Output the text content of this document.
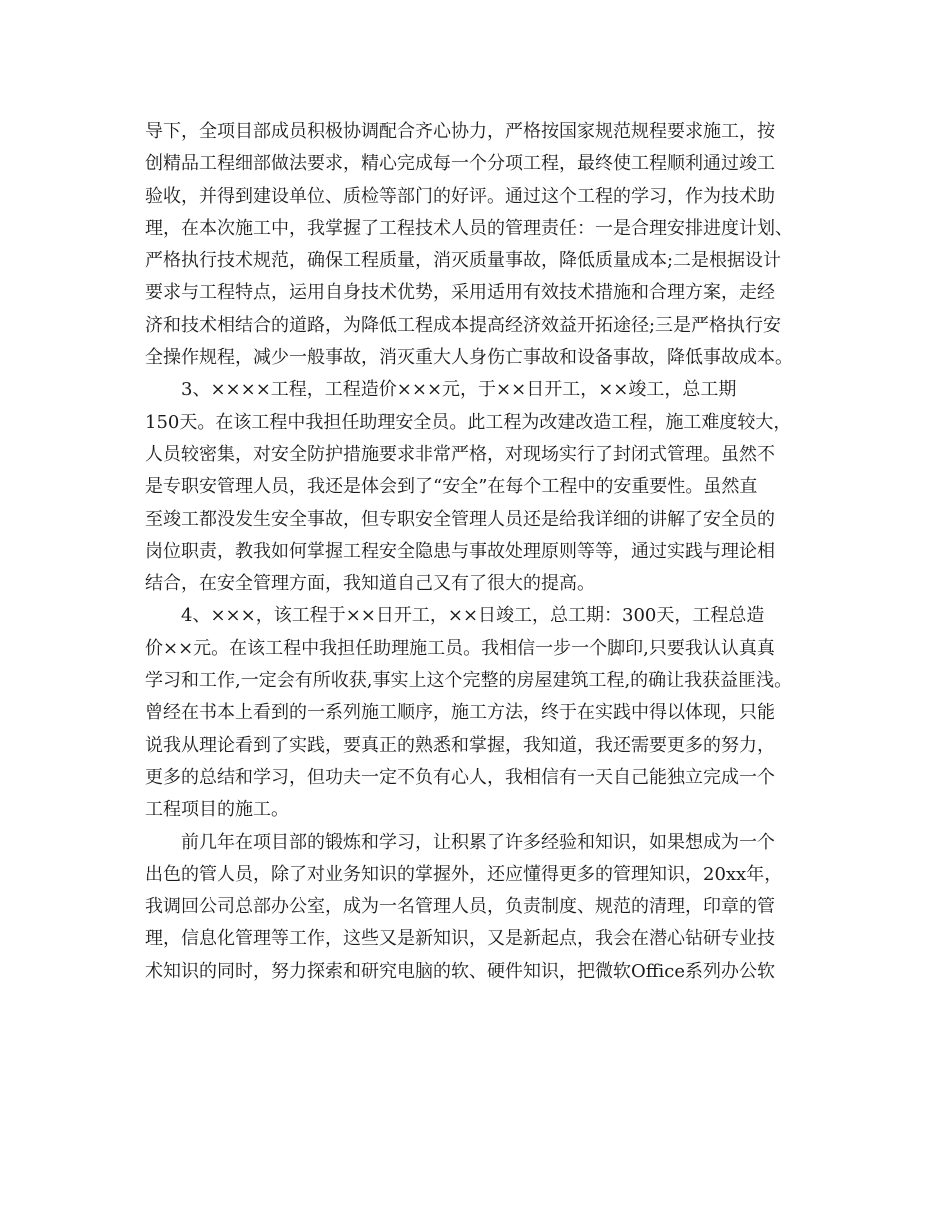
导下，全项目部成员积极协调配合齐心协力，严格按国家规范规程要求施工，按
创精品工程细部做法要求，精心完成每一个分项工程，最终使工程顺利通过竣工
验收，并得到建设单位、质检等部门的好评。通过这个工程的学习，作为技术助
理，在本次施工中，我掌握了工程技术人员的管理责任：一是合理安排进度计划、
严格执行技术规范，确保工程质量，消灭质量事故，降低质量成本;二是根据设计
要求与工程特点，运用自身技术优势，采用适用有效技术措施和合理方案，走经
济和技术相结合的道路，为降低工程成本提高经济效益开拓途径;三是严格执行安
全操作规程，减少一般事故，消灭重大人身伤亡事故和设备事故，降低事故成本。
3、××××工程，工程造价×××元，于××日开工，××竣工，总工期
150天。在该工程中我担任助理安全员。此工程为改建改造工程，施工难度较大，
人员较密集，对安全防护措施要求非常严格，对现场实行了封闭式管理。虽然不
是专职安管理人员，我还是体会到了“安全”在每个工程中的安重要性。虽然直
至竣工都没发生安全事故，但专职安全管理人员还是给我详细的讲解了安全员的
岗位职责，教我如何掌握工程安全隐患与事故处理原则等等，通过实践与理论相
结合，在安全管理方面，我知道自己又有了很大的提高。
4、×××，该工程于××日开工，××日竣工，总工期：300天，工程总造
价××元。在该工程中我担任助理施工员。我相信一步一个脚印,只要我认认真真
学习和工作,一定会有所收获,事实上这个完整的房屋建筑工程,的确让我获益匪浅。
曾经在书本上看到的一系列施工顺序，施工方法，终于在实践中得以体现，只能
说我从理论看到了实践，要真正的熟悉和掌握，我知道，我还需要更多的努力，
更多的总结和学习，但功夫一定不负有心人，我相信有一天自己能独立完成一个
工程项目的施工。
前几年在项目部的锻炼和学习，让积累了许多经验和知识，如果想成为一个
出色的管人员，除了对业务知识的掌握外，还应懂得更多的管理知识，20xx年，
我调回公司总部办公室，成为一名管理人员，负责制度、规范的清理，印章的管
理，信息化管理等工作，这些又是新知识，又是新起点，我会在潜心钻研专业技
术知识的同时，努力探索和研究电脑的软、硬件知识，把微软Office系列办公软
